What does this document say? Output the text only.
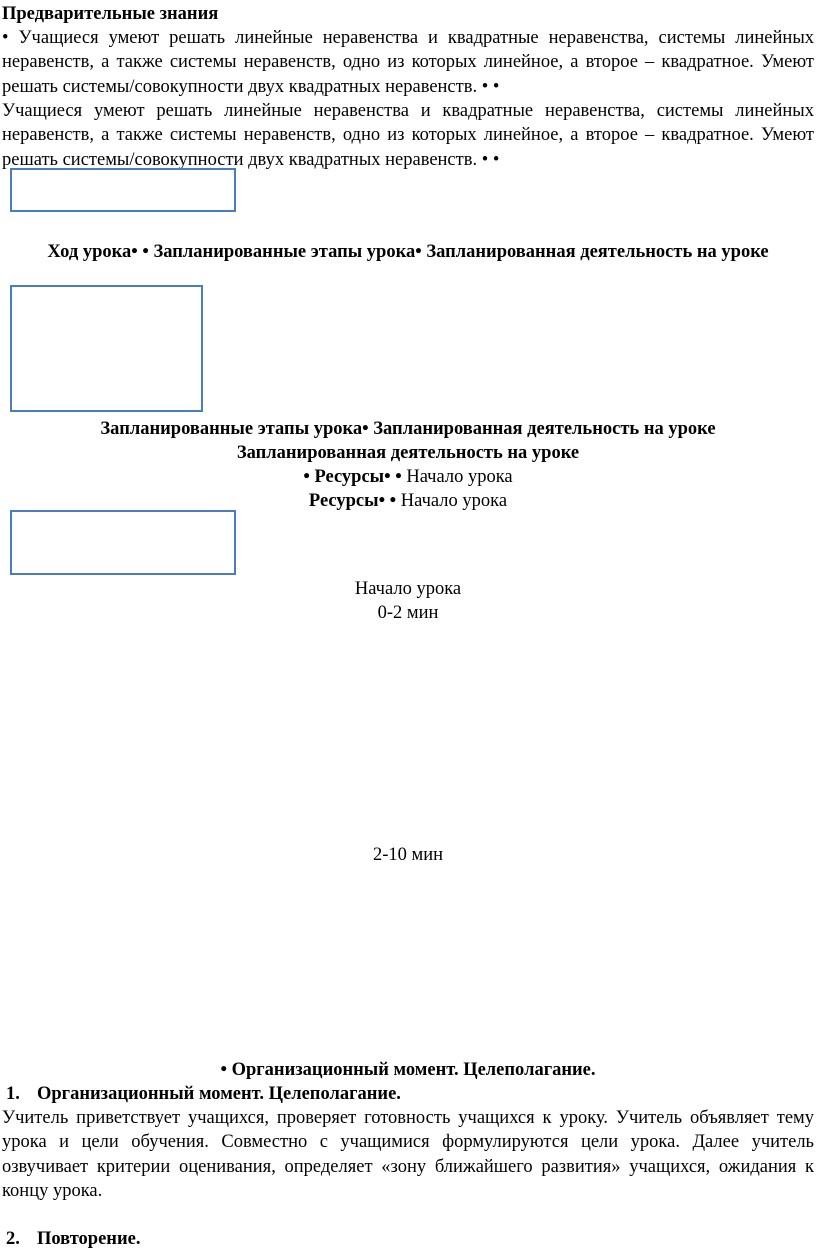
Предварительные знания
• Учащиеся умеют решать линейные неравенства и квадратные неравенства, системы линейных неравенств, а также системы неравенств, одно из которых линейное, а второе – квадратное. Умеют решать системы/совокупности двух квадратных неравенств. • •
Учащиеся умеют решать линейные неравенства и квадратные неравенства, системы линейных неравенств, а также системы неравенств, одно из которых линейное, а второе – квадратное. Умеют решать системы/совокупности двух квадратных неравенств. • •
Ход урока• • Запланированные этапы урока• Запланированная деятельность на уроке
Запланированные этапы урока• Запланированная деятельность на уроке
Запланированная деятельность на уроке
• Ресурсы• • Начало урока
Ресурсы• • Начало урока
Начало урока
0-2 мин
2-10 мин
• Организационный момент. Целеполагание.
1. Организационный момент. Целеполагание.
Учитель приветствует учащихся, проверяет готовность учащихся к уроку. Учитель объявляет тему урока и цели обучения. Совместно с учащимися формулируются цели урока. Далее учитель озвучивает критерии оценивания, определяет «зону ближайшего развития» учащихся, ожидания к концу урока.
2. Повторение.
